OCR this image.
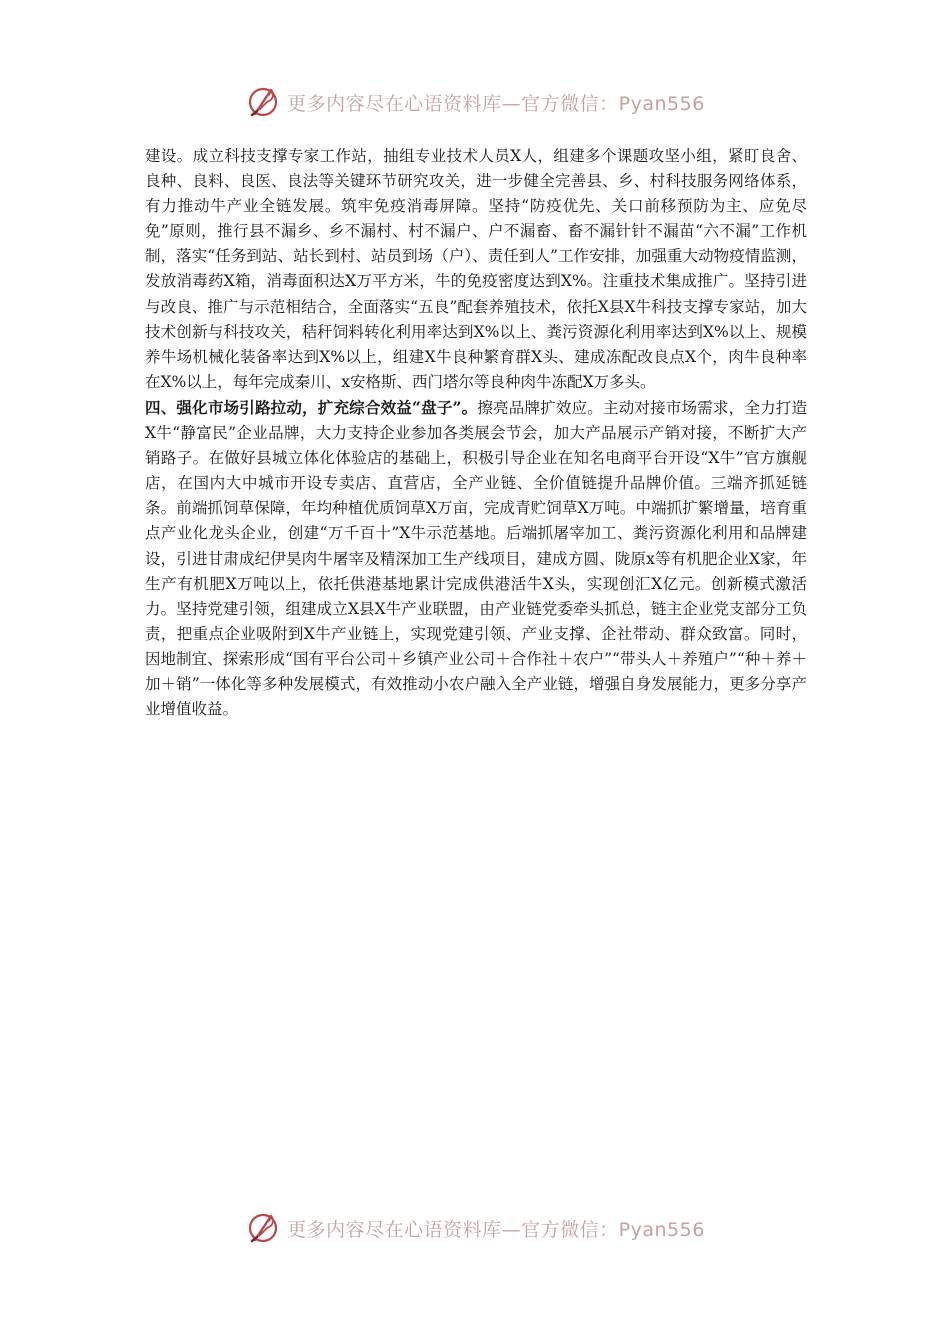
更多内容尽在心语资料库—官方微信：Pyan556

建设。成立科技支撑专家工作站，抽组专业技术人员X人，组建多个课题攻坚小组，紧盯良舍、良种、良料、良医、良法等关键环节研究攻关，进一步健全完善县、乡、村科技服务网络体系，有力推动牛产业全链发展。筑牢免疫消毒屏障。坚持“防疫优先、关口前移预防为主、应免尽免”原则，推行县不漏乡、乡不漏村、村不漏户、户不漏畜、畜不漏针针不漏苗“六不漏”工作机制，落实“任务到站、站长到村、站员到场（户）、责任到人”工作安排，加强重大动物疫情监测，发放消毒药X箱，消毒面积达X万平方米，牛的免疫密度达到X%。注重技术集成推广。坚持引进与改良、推广与示范相结合，全面落实“五良”配套养殖技术，依托X县X牛科技支撑专家站，加大技术创新与科技攻关，秸秆饲料转化利用率达到X%以上、粪污资源化利用率达到X%以上、规模养牛场机械化装备率达到X%以上，组建X牛良种繁育群X头、建成冻配改良点X个，肉牛良种率在X%以上，每年完成秦川、x安格斯、西门塔尔等良种肉牛冻配X万多头。

四、强化市场引路拉动，扩充综合效益“盘子”。擦亮品牌扩效应。主动对接市场需求，全力打造X牛“静富民”企业品牌，大力支持企业参加各类展会节会，加大产品展示产销对接，不断扩大产销路子。在做好县城立体化体验店的基础上，积极引导企业在知名电商平台开设“X牛”官方旗舰店，在国内大中城市开设专卖店、直营店，全产业链、全价值链提升品牌价值。三端齐抓延链条。前端抓饲草保障，年均种植优质饲草X万亩，完成青贮饲草X万吨。中端抓扩繁增量，培育重点产业化龙头企业，创建“万千百十”X牛示范基地。后端抓屠宰加工、粪污资源化利用和品牌建设，引进甘肃成纪伊昊肉牛屠宰及精深加工生产线项目，建成方圆、陇原x等有机肥企业X家，年生产有机肥X万吨以上，依托供港基地累计完成供港活牛X头，实现创汇X亿元。创新模式激活力。坚持党建引领，组建成立X县X牛产业联盟，由产业链党委牵头抓总，链主企业党支部分工负责，把重点企业吸附到X牛产业链上，实现党建引领、产业支撑、企社带动、群众致富。同时，因地制宜、探索形成“国有平台公司＋乡镇产业公司＋合作社＋农户”“带头人＋养殖户”“种＋养＋加＋销”一体化等多种发展模式，有效推动小农户融入全产业链，增强自身发展能力，更多分享产业增值收益。

更多内容尽在心语资料库—官方微信：Pyan556
